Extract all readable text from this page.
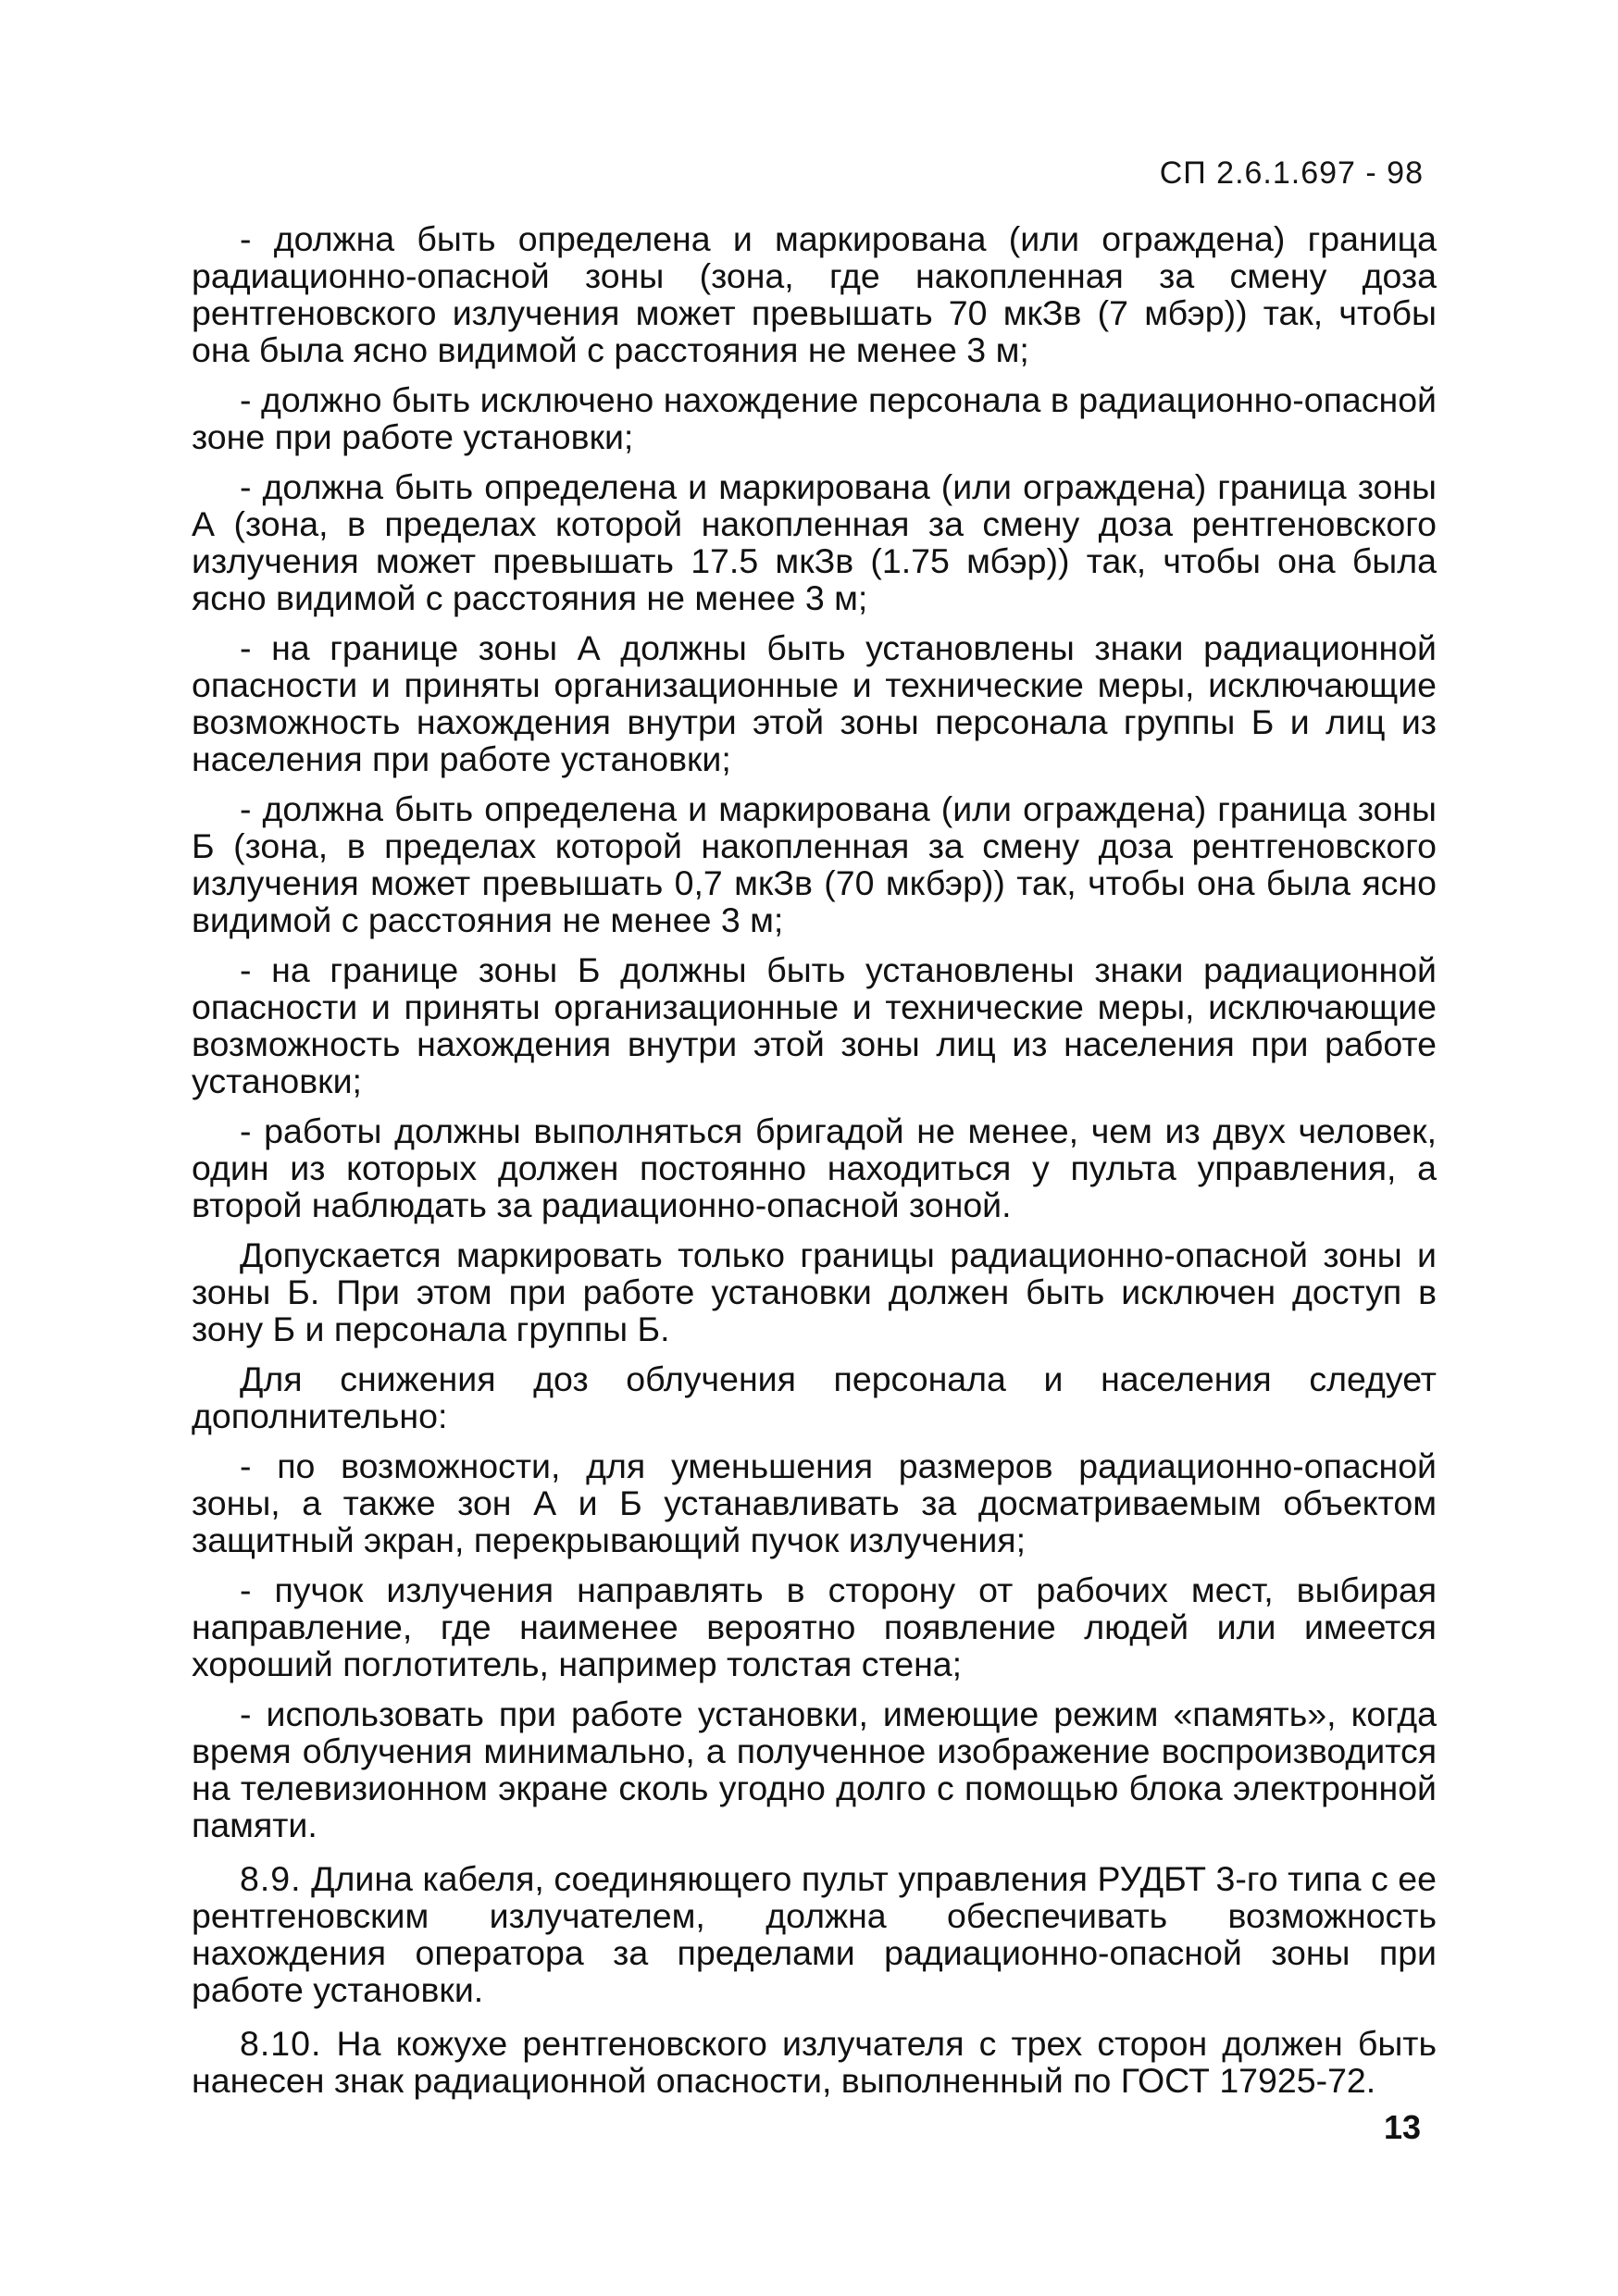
СП 2.6.1.697 - 98

- должна быть определена и маркирована (или ограждена) граница радиационно-опасной зоны (зона, где накопленная за смену доза рентгеновского излучения может превышать 70 мкЗв (7 мбэр)) так, чтобы она была ясно видимой с расстояния не менее 3 м;

- должно быть исключено нахождение персонала в радиационно-опасной зоне при работе установки;

- должна быть определена и маркирована (или ограждена) граница зоны А (зона, в пределах которой накопленная за смену доза рентгеновского излучения может превышать 17.5 мкЗв (1.75 мбэр)) так, чтобы она была ясно видимой с расстояния не менее 3 м;

- на границе зоны А должны быть установлены знаки радиационной опасности и приняты организационные и технические меры, исключающие возможность нахождения внутри этой зоны персонала группы Б и лиц из населения при работе установки;

- должна быть определена и маркирована (или ограждена) граница зоны Б (зона, в пределах которой накопленная за смену доза рентгеновского излучения может превышать 0,7 мкЗв (70 мкбэр)) так, чтобы она была ясно видимой с расстояния не менее 3 м;

- на границе зоны Б должны быть установлены знаки радиационной опасности и приняты организационные и технические меры, исключающие возможность нахождения внутри этой зоны лиц из населения при работе установки;

- работы должны выполняться бригадой не менее, чем из двух человек, один из которых должен постоянно находиться у пульта управления, а второй наблюдать за радиационно-опасной зоной.

Допускается маркировать только границы радиационно-опасной зоны и зоны Б. При этом при работе установки должен быть исключен доступ в зону Б и персонала группы Б.

Для снижения доз облучения персонала и населения следует дополнительно:

- по возможности, для уменьшения размеров радиационно-опасной зоны, а также зон А и Б устанавливать за досматриваемым объектом защитный экран, перекрывающий пучок излучения;

- пучок излучения направлять в сторону от рабочих мест, выбирая направление, где наименее вероятно появление людей или имеется хороший поглотитель, например толстая стена;

- использовать при работе установки, имеющие режим «память», когда время облучения минимально, а полученное изображение воспроизводится на телевизионном экране сколь угодно долго с помощью блока электронной памяти.

8.9. Длина кабеля, соединяющего пульт управления РУДБТ 3-го типа с ее рентгеновским излучателем, должна обеспечивать возможность нахождения оператора за пределами радиационно-опасной зоны при работе установки.

8.10. На кожухе рентгеновского излучателя с трех сторон должен быть нанесен знак радиационной опасности, выполненный по ГОСТ 17925-72.

13
